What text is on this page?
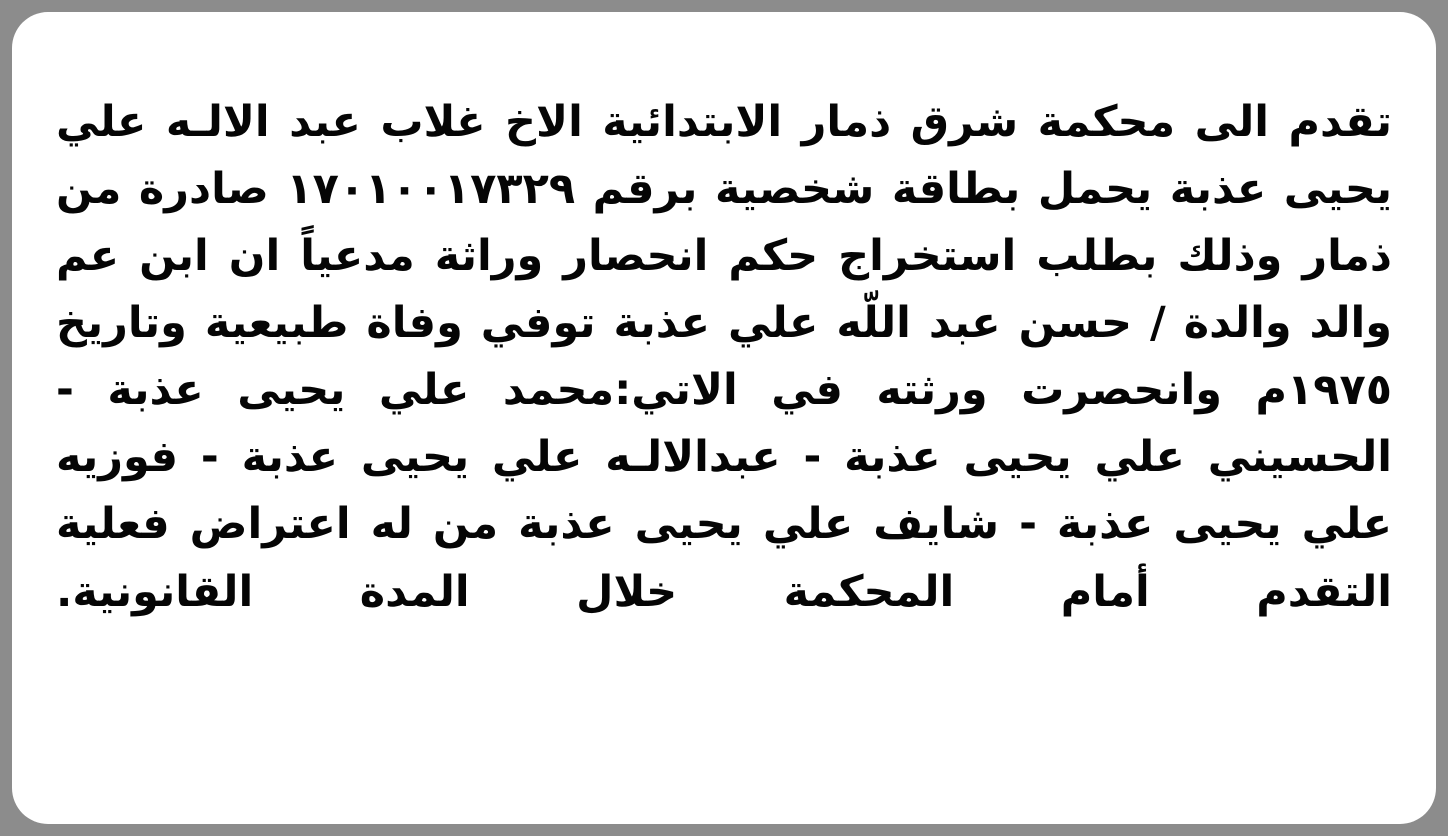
تقدم الى محكمة شرق ذمار الابتدائية الاخ غلاب عبد الالـه علي يحيى عذبة يحمل بطاقة شخصية برقم ١٧٠١٠٠١٧٣٢٩ صادرة من ذمار وذلك بطلب استخراج حكم انحصار وراثة مدعياً ان ابن عم والد والدة / حسن عبد اللّه علي عذبة توفي وفاة طبيعية وتاريخ ١٩٧٥م وانحصرت ورثته في الاتي:محمد علي يحيى عذبة - الحسيني علي يحيى عذبة - عبدالالـه علي يحيى عذبة - فوزيه علي يحيى عذبة - شايف علي يحيى عذبة من له اعتراض فعلية التقدم أمام المحكمة خلال المدة القانونية.
